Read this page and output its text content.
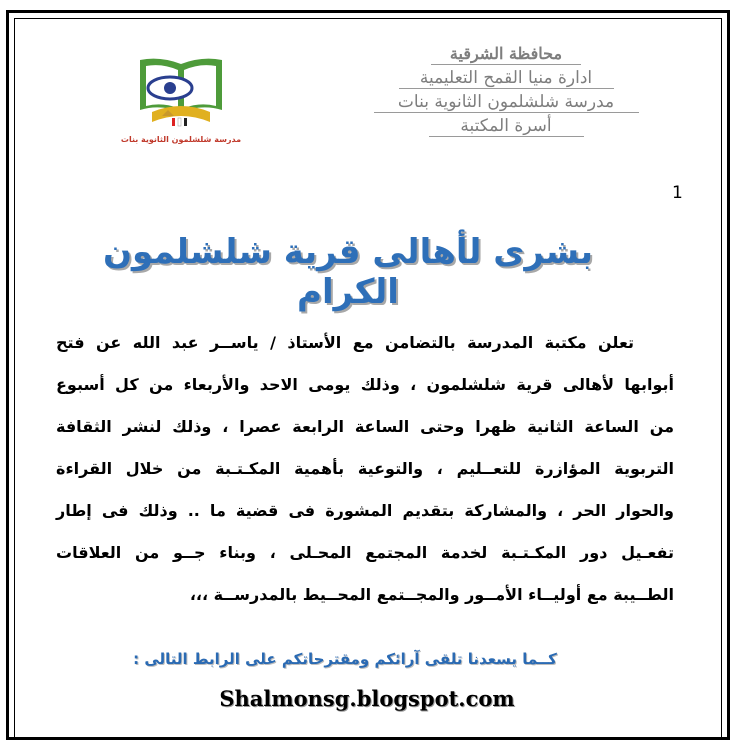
مدرسة شلشلمون الثانوية بنات
محافظة الشرقية
ادارة منيا القمح التعليمية
مدرسة شلشلمون الثانوية بنات
أسرة المكتبة
1
بشرى لأهالى قرية شلشلمون الكرام
تعلن مكتبة المدرسة بالتضامن مع الأستاذ / ياســر عبد الله عن فتح
أبوابها لأهالى قرية شلشلمون ، وذلك يومى الاحد والأربعاء من كل أسبوع
من الساعة الثانية ظهرا وحتى الساعة الرابعة عصرا ، وذلك لنشر الثقافة
التربوية المؤازرة للتعــليم ، والتوعية بأهمية المكـتـبة من خلال القراءة
والحوار الحر ، والمشاركة بتقديم المشورة فى قضية ما .. وذلك فى إطار
تفعـيل دور المكـتـبة لخدمة المجتمع المحـلى ، وبناء جــو من العلاقات
الطــيبة مع أوليــاء الأمــور والمجــتمع المحــيط بالمدرســة ،،،
كــما يسعدنا تلقى آرائكم ومقترحاتكم على الرابط التالى :
Shalmonsg.blogspot.com
